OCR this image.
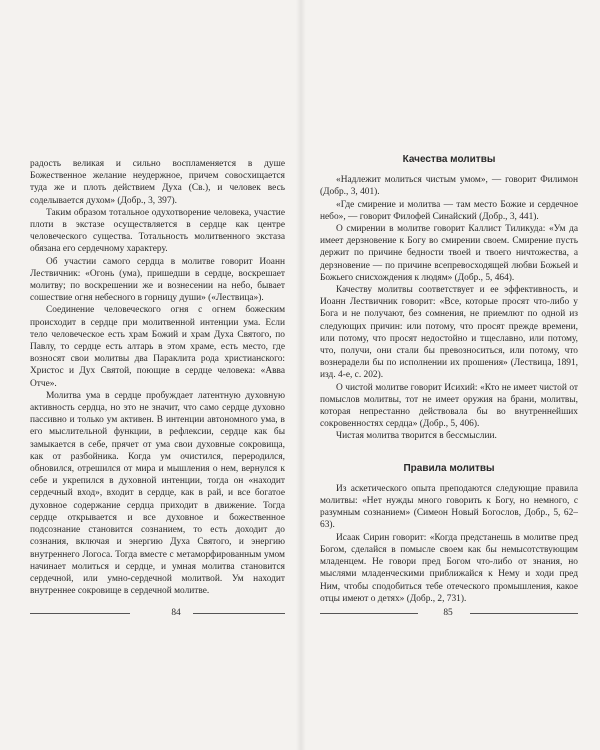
радость великая и сильно воспламеняется в душе Божественное желание неудержное, причем совосхищается туда же и плоть действием Духа (Св.), и человек весь соделывается духом» (Добр., 3, 397).

Таким образом тотальное одухотворение человека, участие плоти в экстазе осуществляется в сердце как центре человеческого существа. Тотальность молитвенного экстаза обязана его сердечному характеру.

Об участии самого сердца в молитве говорит Иоанн Лествичник: «Огонь (ума), пришедши в сердце, воскрешает молитву; по воскрешении же и вознесении на небо, бывает сошествие огня небесного в горницу души» («Лествица»).

Соединение человеческого огня с огнем божеским происходит в сердце при молитвенной интенции ума. Если тело человеческое есть храм Божий и храм Духа Святого, по Павлу, то сердце есть алтарь в этом храме, есть место, где возносят свои молитвы два Параклита рода христианского: Христос и Дух Святой, поющие в сердце человека: «Авва Отче».

Молитва ума в сердце пробуждает латентную духовную активность сердца, но это не значит, что само сердце духовно пассивно и только ум активен. В интенции автономного ума, в его мыслительной функции, в рефлексии, сердце как бы замыкается в себе, прячет от ума свои духовные сокровища, как от разбойника. Когда ум очистился, переродился, обновился, отрешился от мира и мышления о нем, вернулся к себе и укрепился в духовной интенции, тогда он «находит сердечный вход», входит в сердце, как в рай, и все богатое духовное содержание сердца приходит в движение. Тогда сердце открывается и все духовное и божественное подсознание становится сознанием, то есть доходит до сознания, включая и энергию Духа Святого, и энергию внутреннего Логоса. Тогда вместе с метаморфированным умом начинает молиться и сердце, и умная молитва становится сердечной, или умно-сердечной молитвой. Ум находит внутреннее сокровище в сердечной молитве.

84
Качества молитвы

«Надлежит молиться чистым умом», — говорит Филимон (Добр., 3, 401).

«Где смирение и молитва — там место Божие и сердечное небо», — говорит Филофей Синайский (Добр., 3, 441).

О смирении в молитве говорит Каллист Тиликуда: «Ум да имеет дерзновение к Богу во смирении своем. Смирение пусть держит по причине бедности твоей и твоего ничтожества, а дерзновение — по причине всепревосходящей любви Божьей и Божьего снисхождения к людям» (Добр., 5, 464).

Качеству молитвы соответствует и ее эффективность, и Иоанн Лествичник говорит: «Все, которые просят что-либо у Бога и не получают, без сомнения, не приемлют по одной из следующих причин: или потому, что просят прежде времени, или потому, что просят недостойно и тщеславно, или потому, что, получи, они стали бы превозноситься, или потому, что вознерадели бы по исполнении их прошения» (Лествица, 1891, изд. 4-е, с. 202).

О чистой молитве говорит Исихий: «Кто не имеет чистой от помыслов молитвы, тот не имеет оружия на брани, молитвы, которая непрестанно действовала бы во внутреннейших сокровенностях сердца» (Добр., 5, 406).

Чистая молитва творится в бессмыслии.

Правила молитвы

Из аскетического опыта преподаются следующие правила молитвы: «Нет нужды много говорить к Богу, но немного, с разумным сознанием» (Симеон Новый Богослов, Добр., 5, 62–63).

Исаак Сирин говорит: «Когда предстанешь в молитве пред Богом, сделайся в помысле своем как бы немысотствующим младенцем. Не говори пред Богом что-либо от знания, но мыслями младенческими приближайся к Нему и ходи пред Ним, чтобы сподобиться тебе отеческого промышления, какое отцы имеют о детях» (Добр., 2, 731).

85
